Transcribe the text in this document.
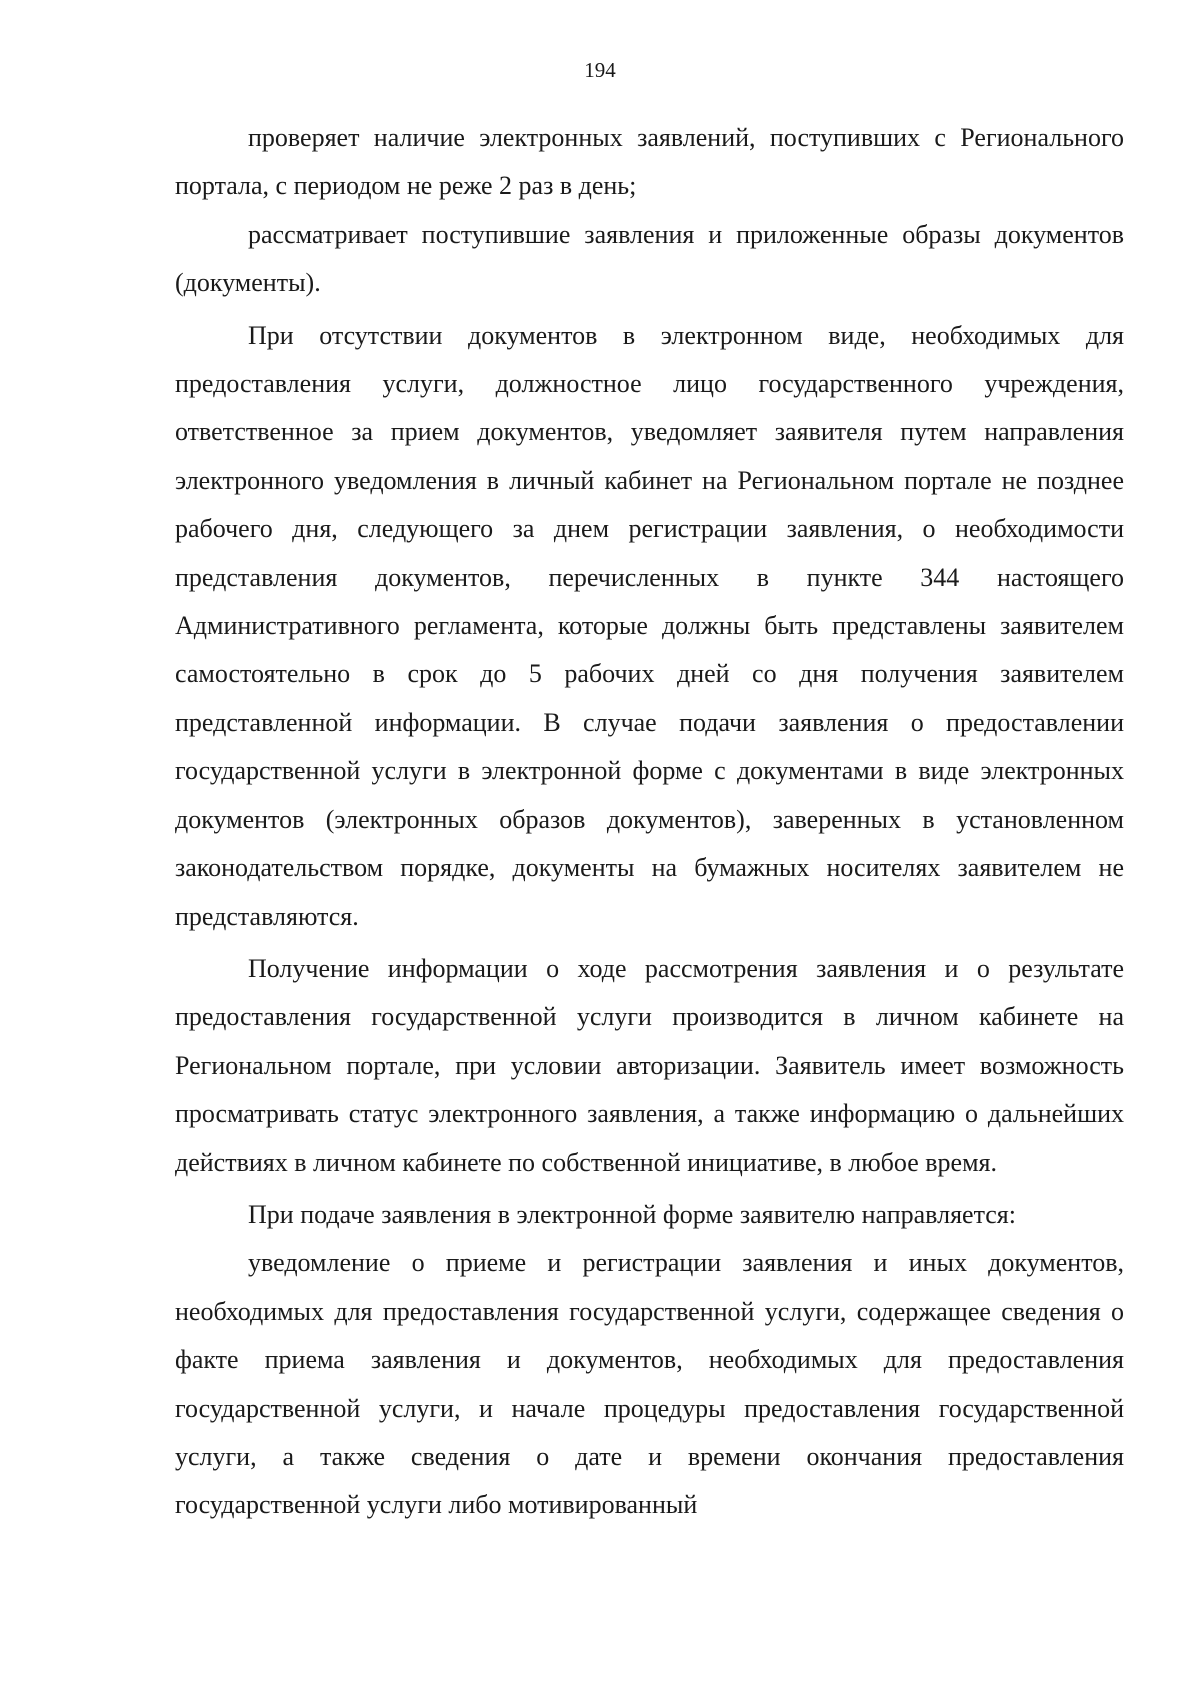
194

проверяет наличие электронных заявлений, поступивших с Регионального портала, с периодом не реже 2 раз в день;

рассматривает поступившие заявления и приложенные образы документов (документы).

При отсутствии документов в электронном виде, необходимых для предоставления услуги, должностное лицо государственного учреждения, ответственное за прием документов, уведомляет заявителя путем направления электронного уведомления в личный кабинет на Региональном портале не позднее рабочего дня, следующего за днем регистрации заявления, о необходимости представления документов, перечисленных в пункте 344 настоящего Административного регламента, которые должны быть представлены заявителем самостоятельно в срок до 5 рабочих дней со дня получения заявителем представленной информации. В случае подачи заявления о предоставлении государственной услуги в электронной форме с документами в виде электронных документов (электронных образов документов), заверенных в установленном законодательством порядке, документы на бумажных носителях заявителем не представляются.

Получение информации о ходе рассмотрения заявления и о результате предоставления государственной услуги производится в личном кабинете на Региональном портале, при условии авторизации. Заявитель имеет возможность просматривать статус электронного заявления, а также информацию о дальнейших действиях в личном кабинете по собственной инициативе, в любое время.

При подаче заявления в электронной форме заявителю направляется:

уведомление о приеме и регистрации заявления и иных документов, необходимых для предоставления государственной услуги, содержащее сведения о факте приема заявления и документов, необходимых для предоставления государственной услуги, и начале процедуры предоставления государственной услуги, а также сведения о дате и времени окончания предоставления государственной услуги либо мотивированный
